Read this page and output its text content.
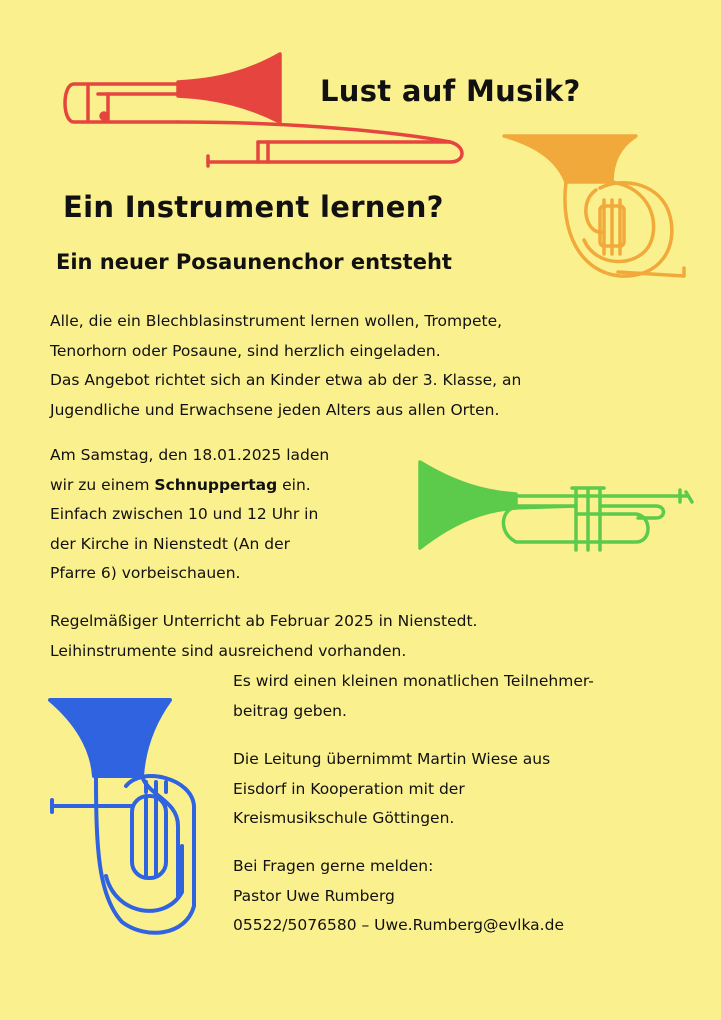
Lust auf Musik?
Ein Instrument lernen?
Ein neuer Posaunenchor entsteht
Alle, die ein Blechblasinstrument lernen wollen, Trompete,
Tenorhorn oder Posaune, sind herzlich eingeladen.
Das Angebot richtet sich an Kinder etwa ab der 3. Klasse, an
Jugendliche und Erwachsene jeden Alters aus allen Orten.
Am Samstag, den 18.01.2025 laden
wir zu einem Schnuppertag ein.
Einfach zwischen 10 und 12 Uhr in
der Kirche in Nienstedt (An der
Pfarre 6) vorbeischauen.
Regelmäßiger Unterricht ab Februar 2025 in Nienstedt.
Leihinstrumente sind ausreichend vorhanden.
Es wird einen kleinen monatlichen Teilnehmer-
beitrag geben.
Die Leitung übernimmt Martin Wiese aus
Eisdorf in Kooperation mit der
Kreismusikschule Göttingen.
Bei Fragen gerne melden:
Pastor Uwe Rumberg
05522/5076580 – Uwe.Rumberg@evlka.de
